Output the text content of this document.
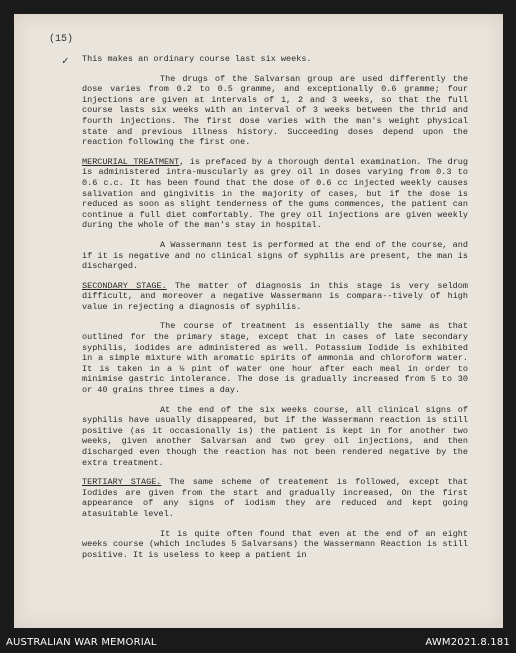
(15)
✓ This makes an ordinary course last six weeks.

The drugs of the Salvarsan group are used differently the dose varies from 0.2 to 0.5 gramme, and exceptionally 0.6 gramme; four injections are given at intervals of 1, 2 and 3 weeks, so that the full course lasts six weeks with an interval of 3 weeks between the thrid and fourth injections. The first dose varies with the man's weight physical state and previous illness history. Succeeding doses depend upon the reaction following the first one.

MERCURIAL TREATMENT, is prefaced by a thorough dental examination. The drug is administered intra-muscularly as grey oil in doses varying from 0.3 to 0.6 c.c. It has been found that the dose of 0.6 cc injected weekly causes salivation and gingivitis in the majority of cases, but if the dose is reduced as soon as slight tenderness of the gums commences, the patient can continue a full diet comfortably. The grey oil injections are given weekly during the whole of the man's stay in hospital.

A Wassermann test is performed at the end of the course, and if it is negative and no clinical signs of syphilis are present, the man is discharged.

SECONDARY STAGE. The matter of diagnosis in this stage is very seldom difficult, and moreover a negative Wassermann is compara--tively of high value in rejecting a diagnosis of syphilis.

The course of treatment is essentially the same as that outlined for the primary stage, except that in cases of late secondary syphilis, iodides are administered as well. Potassium Iodide is exhibited in a simple mixture with aromatic spirits of ammonia and chloroform water. It is taken in a ½ pint of water one hour after each meal in order to minimise gastric intolerance. The dose is gradually increased from 5 to 30 or 40 grains three times a day.

At the end of the six weeks course, all clinical signs of syphilis have usually disappeared, but if the Wassermann reaction is still positive (as it occasionally is) the patient is kept in for another two weeks, given another Salvarsan and two grey oil injections, and then discharged even though the reaction has not been rendered negative by the extra treatment.

TERTIARY STAGE. The same scheme of treatement is followed, except that Iodides are given from the start and gradually increased, On the first appearance of any signs of iodism they are reduced and kept going atasuitable level.

It is quite often found that even at the end of an eight weeks course (which includes 5 Salvarsans) the Wassermann Reaction is still positive. It is useless to keep a patient in

AUSTRALIAN WAR MEMORIAL	AWM2021.8.181
